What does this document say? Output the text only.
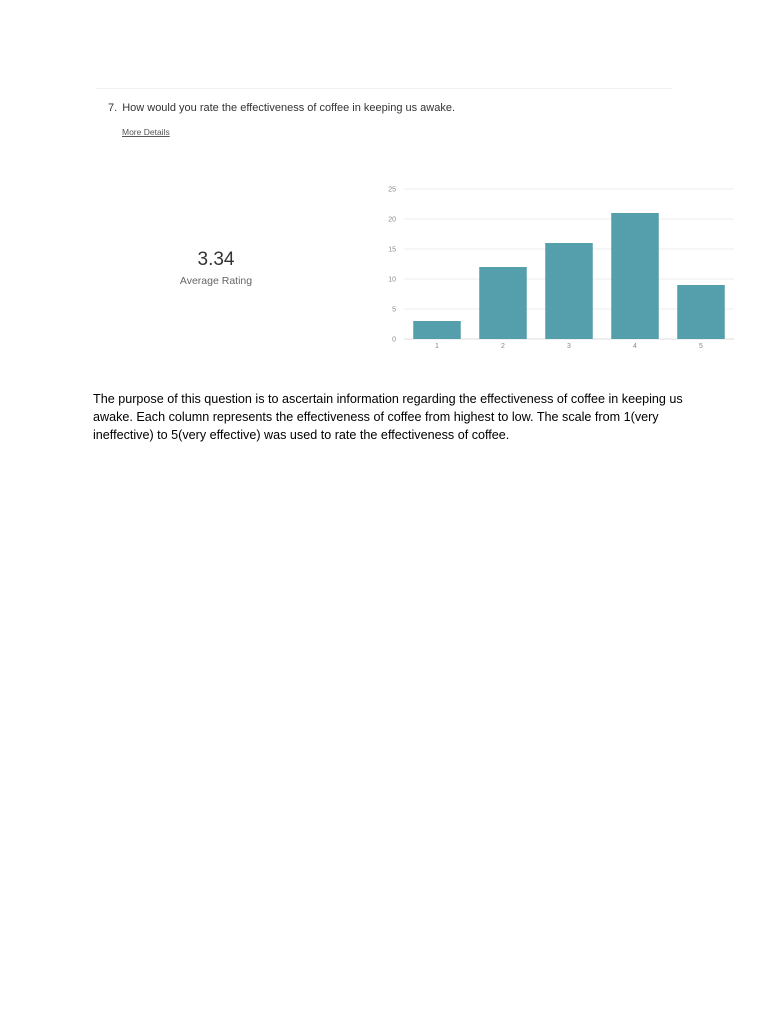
7. How would you rate the effectiveness of coffee in keeping us awake.
More Details
3.34
Average Rating
0
5
10
15
20
25
1	2	3	4	5

The purpose of this question is to ascertain information regarding the effectiveness of coffee in keeping us awake. Each column represents the effectiveness of coffee from highest to low. The scale from 1(very ineffective) to 5(very effective) was used to rate the effectiveness of coffee.
